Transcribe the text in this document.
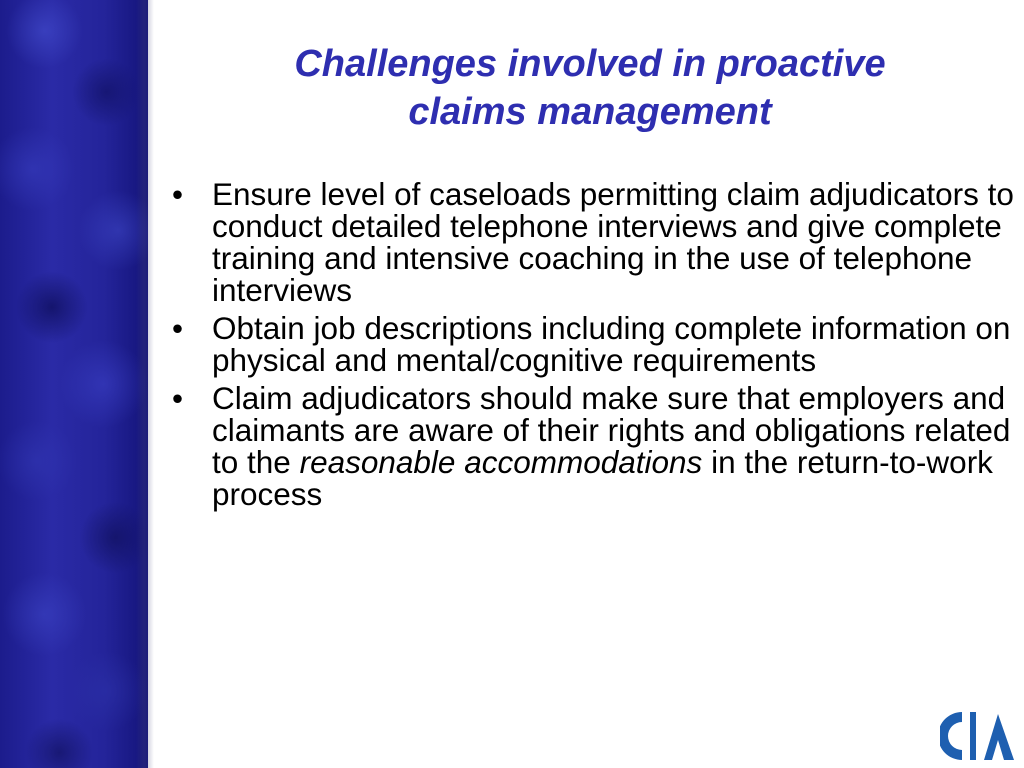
Challenges involved in proactive
claims management
• Ensure level of caseloads permitting claim adjudicators to conduct detailed telephone interviews and give complete training and intensive coaching in the use of telephone interviews
• Obtain job descriptions including complete information on physical and mental/cognitive requirements
• Claim adjudicators should make sure that employers and claimants are aware of their rights and obligations related to the reasonable accommodations in the return-to-work process
